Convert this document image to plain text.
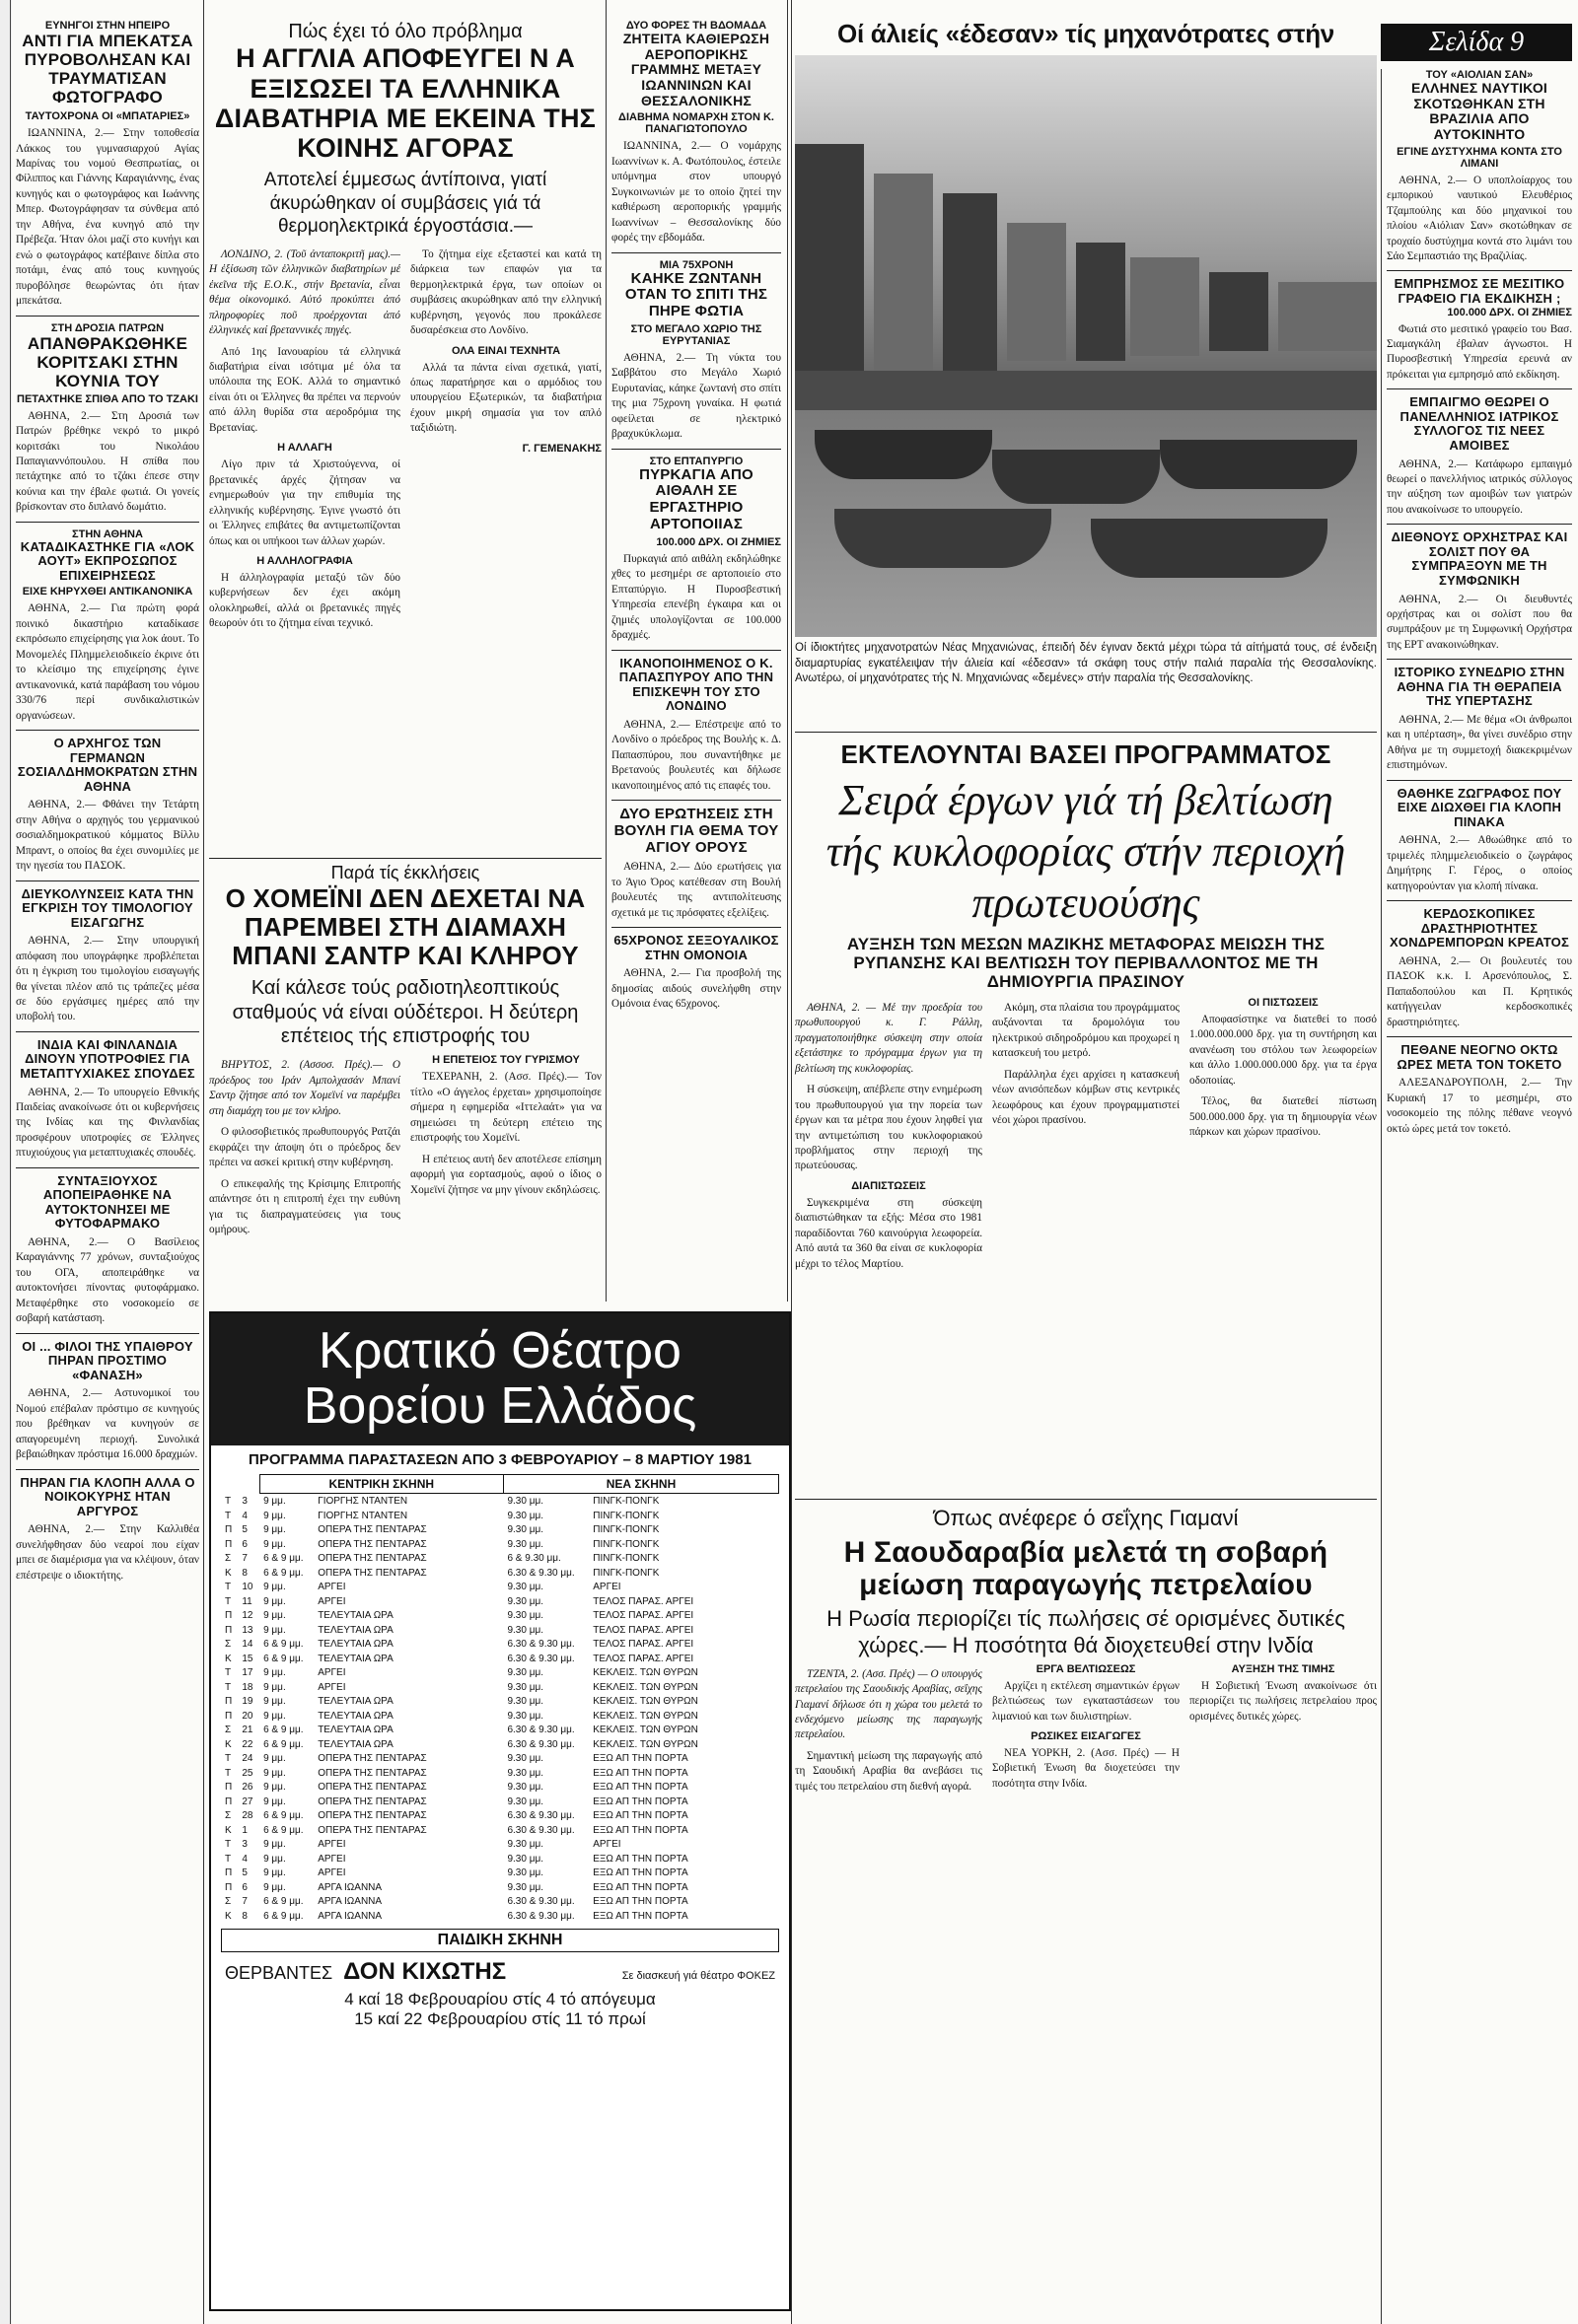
ΕΥΝΗΓΟΙ ΣΤΗΝ ΗΠΕΙΡΟ
ΑΝΤΙ ΓΙΑ ΜΠΕΚΑΤΣΑ ΠΥΡΟΒΟΛΗΣΑΝ ΚΑΙ ΤΡΑΥΜΑΤΙΣΑΝ ΦΩΤΟΓΡΑΦΟ
ΤΑΥΤΟΧΡΟΝΑ ΟΙ «ΜΠΑΤΑΡΙΕΣ»

ΙΩΑΝΝΙΝΑ, 2.— Στην τοποθεσία Λάκκος του γυμνασιαρχού Αγίας Μαρίνας του νομού Θεσπρωτίας, οι Φίλιππος και Γιάννης Καραγιάννης, ένας κυνηγός και ο φωτογράφος και Ιωάννης Μπερ. Φωτογράφησαν τα σύνθεμα από την Αθήνα, ένα κυνηγό από την Πρέβεζα. Ήταν όλοι μαζί στο κυνήγι και ενώ ο φωτογράφος κατέβαινε δίπλα στο ποτάμι, ένας από τους κυνηγούς πυροβόλησε θεωρώντας ότι ήταν μπεκάτσα.

ΣΤΗ ΔΡΟΣΙΑ ΠΑΤΡΩΝ
ΑΠΑΝΘΡΑΚΩΘΗΚΕ ΚΟΡΙΤΣΑΚΙ ΣΤΗΝ ΚΟΥΝΙΑ ΤΟΥ
ΠΕΤΑΧΤΗΚΕ ΣΠΙΘΑ ΑΠΟ ΤΟ ΤΖΑΚΙ

ΑΘΗΝΑ, 2.— Στη Δροσιά των Πατρών βρέθηκε νεκρό το μικρό κοριτσάκι του Νικολάου Παπαγιαννόπουλου. Η σπίθα που πετάχτηκε από το τζάκι έπεσε στην κούνια και την έβαλε φωτιά. Οι γονείς βρίσκονταν στο διπλανό δωμάτιο.

ΣΤΗΝ ΑΘΗΝΑ
ΚΑΤΑΔΙΚΑΣΤΗΚΕ ΓΙΑ «ΛΟΚ ΑΟΥΤ» ΕΚΠΡΟΣΩΠΟΣ ΕΠΙΧΕΙΡΗΣΕΩΣ
ΕΙΧΕ ΚΗΡΥΧΘΕΙ ΑΝΤΙΚΑΝΟΝΙΚΑ

ΑΘΗΝΑ, 2.— Για πρώτη φορά ποινικό δικαστήριο καταδίκασε εκπρόσωπο επιχείρησης για λοκ άουτ. Το Μονομελές Πλημμελειοδικείο έκρινε ότι το κλείσιμο της επιχείρησης έγινε αντικανονικά, κατά παράβαση του νόμου 330/76 περί συνδικαλιστικών οργανώσεων.

Ο ΑΡΧΗΓΟΣ ΤΩΝ ΓΕΡΜΑΝΩΝ ΣΟΣΙΑΛΔΗΜΟΚΡΑΤΩΝ ΣΤΗΝ ΑΘΗΝΑ

ΑΘΗΝΑ, 2.— Φθάνει την Τετάρτη στην Αθήνα ο αρχηγός του γερμανικού σοσιαλδημοκρατικού κόμματος Βίλλυ Μπραντ, ο οποίος θα έχει συνομιλίες με την ηγεσία του ΠΑΣΟΚ.

ΔΙΕΥΚΟΛΥΝΣΕΙΣ ΚΑΤΑ ΤΗΝ ΕΓΚΡΙΣΗ ΤΟΥ ΤΙΜΟΛΟΓΙΟΥ ΕΙΣΑΓΩΓΗΣ

ΑΘΗΝΑ, 2.— Στην υπουργική απόφαση που υπογράφηκε προβλέπεται ότι η έγκριση του τιμολογίου εισαγωγής θα γίνεται πλέον από τις τράπεζες μέσα σε δύο εργάσιμες ημέρες από την υποβολή του.

ΙΝΔΙΑ ΚΑΙ ΦΙΝΛΑΝΔΙΑ ΔΙΝΟΥΝ ΥΠΟΤΡΟΦΙΕΣ ΓΙΑ ΜΕΤΑΠΤΥΧΙΑΚΕΣ ΣΠΟΥΔΕΣ

ΑΘΗΝΑ, 2.— Το υπουργείο Εθνικής Παιδείας ανακοίνωσε ότι οι κυβερνήσεις της Ινδίας και της Φινλανδίας προσφέρουν υποτροφίες σε Έλληνες πτυχιούχους για μεταπτυχιακές σπουδές.

ΣΥΝΤΑΞΙΟΥΧΟΣ ΑΠΟΠΕΙΡΑΘΗΚΕ ΝΑ ΑΥΤΟΚΤΟΝΗΣΕΙ ΜΕ ΦΥΤΟΦΑΡΜΑΚΟ

ΑΘΗΝΑ, 2.— Ο Βασίλειος Καραγιάννης 77 χρόνων, συνταξιούχος του ΟΓΑ, αποπειράθηκε να αυτοκτονήσει πίνοντας φυτοφάρμακο. Μεταφέρθηκε στο νοσοκομείο σε σοβαρή κατάσταση.

ΟΙ ... ΦΙΛΟΙ ΤΗΣ ΥΠΑΙΘΡΟΥ ΠΗΡΑΝ ΠΡΟΣΤΙΜΟ «ΦΑΝΑΣΗ»

ΑΘΗΝΑ, 2.— Αστυνομικοί του Νομού επέβαλαν πρόστιμο σε κυνηγούς που βρέθηκαν να κυνηγούν σε απαγορευμένη περιοχή. Συνολικά βεβαιώθηκαν πρόστιμα 16.000 δραχμών.

ΠΗΡΑΝ ΓΙΑ ΚΛΟΠΗ ΑΛΛΑ Ο ΝΟΙΚΟΚΥΡΗΣ ΗΤΑΝ ΑΡΓΥΡΟΣ

ΑΘΗΝΑ, 2.— Στην Καλλιθέα συνελήφθησαν δύο νεαροί που είχαν μπει σε διαμέρισμα για να κλέψουν, όταν επέστρεψε ο ιδιοκτήτης.

Πώς έχει τό όλο πρόβλημα
Η ΑΓΓΛΙΑ ΑΠΟΦΕΥΓΕΙ Ν Α ΕΞΙΣΩΣΕΙ ΤΑ ΕΛΛΗΝΙΚΑ ΔΙΑΒΑΤΗΡΙΑ ΜΕ ΕΚΕΙΝΑ ΤΗΣ ΚΟΙΝΗΣ ΑΓΟΡΑΣ
Αποτελεί έμμεσως άντίποινα, γιατί άκυρώθηκαν οί συμβάσεις γιά τά θερμοηλεκτρικά έργοστάσια.—

ΛΟΝΔΙΝΟ, 2. (Τοῦ ἀνταποκριτῆ μας).— Η ἐξίσωση τῶν ἑλληνικῶν διαβατηρίων μέ ἐκεῖνα τῆς Ε.Ο.Κ., στήν Βρετανία, εἶναι θέμα οἰκονομικό. Αὐτό προκύπτει ἀπό πληροφορίες ποῦ προέρχονται ἀπό ἑλληνικές καί βρεταννικές πηγές.

Από 1ης Ιανουαρίου τά ελληνικά διαβατήρια είναι ισότιμα μέ όλα τα υπόλοιπα της ΕΟΚ. Αλλά το σημαντικό είναι ότι οι Έλληνες θα πρέπει να περνούν από άλλη θυρίδα στα αεροδρόμια της Βρετανίας.

Η ΑΛΛΑΓΗ

Λίγο πριν τά Χριστούγεννα, οί βρετανικές άρχές ζήτησαν να ενημερωθούν για την επιθυμία της ελληνικής κυβέρνησης. Έγινε γνωστό ότι οι Έλληνες επιβάτες θα αντιμετωπίζονται όπως και οι υπήκοοι των άλλων χωρών.

Η ΑΛΛΗΛΟΓΡΑΦΙΑ

Η άλληλογραφία μεταξύ τῶν δύο κυβερνήσεων δεν έχει ακόμη ολοκληρωθεί, αλλά οι βρετανικές πηγές θεωρούν ότι το ζήτημα είναι τεχνικό.

Το ζήτημα είχε εξεταστεί και κατά τη διάρκεια των επαφών για τα θερμοηλεκτρικά έργα, των οποίων οι συμβάσεις ακυρώθηκαν από την ελληνική κυβέρνηση, γεγονός που προκάλεσε δυσαρέσκεια στο Λονδίνο.

ΟΛΑ ΕΙΝΑΙ ΤΕΧΝΗΤΑ

Αλλά τα πάντα είναι σχετικά, γιατί, όπως παρατήρησε και ο αρμόδιος του υπουργείου Εξωτερικών, τα διαβατήρια έχουν μικρή σημασία για τον απλό ταξιδιώτη.

Γ. ΓΕΜΕΝΑΚΗΣ
Παρά τίς έκκλήσεις
Ο ΧΟΜΕΪΝΙ ΔΕΝ ΔΕΧΕΤΑΙ ΝΑ ΠΑΡΕΜΒΕΙ ΣΤΗ ΔΙΑΜΑΧΗ ΜΠΑΝΙ ΣΑΝΤΡ ΚΑΙ ΚΛΗΡΟΥ
Καί κάλεσε τούς ραδιοτηλεοπτικούς σταθμούς νά είναι ούδέτεροι. Η δεύτερη επέτειος τής επιστροφής του

ΒΗΡΥΤΟΣ, 2. (Ασσοσ. Πρές).— Ο πρόεδρος του Ιράν Αμπολχασάν Μπανί Σαντρ ζήτησε από τον Χομεϊνί να παρέμβει στη διαμάχη του με τον κλήρο.

Ο φιλοσοβιετικός πρωθυπουργός Ρατζάι εκφράζει την άποψη ότι ο πρόεδρος δεν πρέπει να ασκεί κριτική στην κυβέρνηση.

Ο επικεφαλής της Κρίσιμης Επιτροπής απάντησε ότι η επιτροπή έχει την ευθύνη για τις διαπραγματεύσεις για τους ομήρους.

Η ΕΠΕΤΕΙΟΣ ΤΟΥ ΓΥΡΙΣΜΟΥ

ΤΕΧΕΡΑΝΗ, 2. (Ασσ. Πρές).— Τον τίτλο «Ο άγγελος έρχεται» χρησιμοποίησε σήμερα η εφημερίδα «Ιττελαάτ» για να σημειώσει τη δεύτερη επέτειο της επιστροφής του Χομεϊνί.

Η επέτειος αυτή δεν αποτέλεσε επίσημη αφορμή για εορτασμούς, αφού ο ίδιος ο Χομεϊνί ζήτησε να μην γίνουν εκδηλώσεις.

ΔΥΟ ΦΟΡΕΣ ΤΗ ΒΔΟΜΑΔΑ
ΖΗΤΕΙΤΑ ΚΑΘΙΕΡΩΣΗ ΑΕΡΟΠΟΡΙΚΗΣ ΓΡΑΜΜΗΣ ΜΕΤΑΞΥ ΙΩΑΝΝΙΝΩΝ ΚΑΙ ΘΕΣΣΑΛΟΝΙΚΗΣ
ΔΙΑΒΗΜΑ ΝΟΜΑΡΧΗ ΣΤΟΝ Κ. ΠΑΝΑΓΙΩΤΟΠΟΥΛΟ

ΙΩΑΝΝΙΝΑ, 2.— Ο νομάρχης Ιωαννίνων κ. Α. Φωτόπουλος, έστειλε υπόμνημα στον υπουργό Συγκοινωνιών με το οποίο ζητεί την καθιέρωση αεροπορικής γραμμής Ιωαννίνων – Θεσσαλονίκης δύο φορές την εβδομάδα.

ΜΙΑ 75ΧΡΟΝΗ
ΚΑΗΚΕ ΖΩΝΤΑΝΗ ΟΤΑΝ ΤΟ ΣΠΙΤΙ ΤΗΣ ΠΗΡΕ ΦΩΤΙΑ
ΣΤΟ ΜΕΓΑΛΟ ΧΩΡΙΟ ΤΗΣ ΕΥΡΥΤΑΝΙΑΣ

ΑΘΗΝΑ, 2.— Τη νύκτα του Σαββάτου στο Μεγάλο Χωριό Ευρυτανίας, κάηκε ζωντανή στο σπίτι της μια 75χρονη γυναίκα. Η φωτιά οφείλεται σε ηλεκτρικό βραχυκύκλωμα.

ΣΤΟ ΕΠΤΑΠΥΡΓΙΟ
ΠΥΡΚΑΓΙΑ ΑΠΟ ΑΙΘΑΛΗ ΣΕ ΕΡΓΑΣΤΗΡΙΟ ΑΡΤΟΠΟΙΙΑΣ
100.000 ΔΡΧ. ΟΙ ΖΗΜΙΕΣ

Πυρκαγιά από αιθάλη εκδηλώθηκε χθες το μεσημέρι σε αρτοποιείο στο Επταπύργιο. Η Πυροσβεστική Υπηρεσία επενέβη έγκαιρα και οι ζημιές υπολογίζονται σε 100.000 δραχμές.

ΙΚΑΝΟΠΟΙΗΜΕΝΟΣ Ο Κ. ΠΑΠΑΣΠΥΡΟΥ ΑΠΟ ΤΗΝ ΕΠΙΣΚΕΨΗ ΤΟΥ ΣΤΟ ΛΟΝΔΙΝΟ

ΑΘΗΝΑ, 2.— Επέστρεψε από το Λονδίνο ο πρόεδρος της Βουλής κ. Δ. Παπασπύρου, που συναντήθηκε με Βρετανούς βουλευτές και δήλωσε ικανοποιημένος από τις επαφές του.

ΔΥΟ ΕΡΩΤΗΣΕΙΣ ΣΤΗ ΒΟΥΛΗ ΓΙΑ ΘΕΜΑ ΤΟΥ ΑΓΙΟΥ ΟΡΟΥΣ

ΑΘΗΝΑ, 2.— Δύο ερωτήσεις για το Άγιο Όρος κατέθεσαν στη Βουλή βουλευτές της αντιπολίτευσης σχετικά με τις πρόσφατες εξελίξεις.

65ΧΡΟΝΟΣ ΣΕΞΟΥΑΛΙΚΟΣ ΣΤΗΝ ΟΜΟΝΟΙΑ

ΑΘΗΝΑ, 2.— Για προσβολή της δημοσίας αιδούς συνελήφθη στην Ομόνοια ένας 65χρονος.

Οί άλιείς «έδεσαν» τίς μηχανότρατες στήν
Οί ίδιοκτήτες μηχανοτρατών Νέας Μηχανιώνας, έπειδή δέν έγιναν δεκτά μέχρι τώρα τά αίτήματά τους, σέ ένδειξη διαμαρτυρίας εγκατέλειψαν τήν άλιεία καί «έδεσαν» τά σκάφη τους στήν παλιά παραλία τής Θεσσαλονίκης. Ανωτέρω, οί μηχανότρατες τής Ν. Μηχανιώνας «δεμένες» στήν παραλία τής Θεσσαλονίκης.
ΕΚΤΕΛΟΥΝΤΑΙ ΒΑΣΕΙ ΠΡΟΓΡΑΜΜΑΤΟΣ
Σειρά έργων γιά τή βελτίωση τής κυκλοφορίας στήν περιοχή πρωτευούσης
ΑΥΞΗΣΗ ΤΩΝ ΜΕΣΩΝ ΜΑΖΙΚΗΣ ΜΕΤΑΦΟΡΑΣ ΜΕΙΩΣΗ ΤΗΣ ΡΥΠΑΝΣΗΣ ΚΑΙ ΒΕΛΤΙΩΣΗ ΤΟΥ ΠΕΡΙΒΑΛΛΟΝΤΟΣ ΜΕ ΤΗ ΔΗΜΙΟΥΡΓΙΑ ΠΡΑΣΙΝΟΥ

ΑΘΗΝΑ, 2. — Μέ την προεδρία του πρωθυπουργού κ. Γ. Ράλλη, πραγματοποιήθηκε σύσκεψη στην οποία εξετάστηκε το πρόγραμμα έργων για τη βελτίωση της κυκλοφορίας.

Η σύσκεψη, απέβλεπε στην ενημέρωση του πρωθυπουργού για την πορεία των έργων και τα μέτρα που έχουν ληφθεί για την αντιμετώπιση του κυκλοφοριακού προβλήματος στην περιοχή της πρωτεύουσας.

ΔΙΑΠΙΣΤΩΣΕΙΣ

Συγκεκριμένα στη σύσκεψη διαπιστώθηκαν τα εξής: Μέσα στο 1981 παραδίδονται 760 καινούργια λεωφορεία. Από αυτά τα 360 θα είναι σε κυκλοφορία μέχρι το τέλος Μαρτίου.

Ακόμη, στα πλαίσια του προγράμματος αυξάνονται τα δρομολόγια του ηλεκτρικού σιδηροδρόμου και προχωρεί η κατασκευή του μετρό.

Παράλληλα έχει αρχίσει η κατασκευή νέων ανισόπεδων κόμβων στις κεντρικές λεωφόρους και έχουν προγραμματιστεί νέοι χώροι πρασίνου.

ΟΙ ΠΙΣΤΩΣΕΙΣ

Αποφασίστηκε να διατεθεί το ποσό 1.000.000.000 δρχ. για τη συντήρηση και ανανέωση του στόλου των λεωφορείων και άλλο 1.000.000.000 δρχ. για τα έργα οδοποιίας.

Τέλος, θα διατεθεί πίστωση 500.000.000 δρχ. για τη δημιουργία νέων πάρκων και χώρων πρασίνου.

Όπως ανέφερε ό σεΐχης Γιαμανί
Η Σαουδαραβία μελετά τη σοβαρή μείωση παραγωγής πετρελαίου
Η Ρωσία περιορίζει τίς πωλήσεις σέ ορισμένες δυτικές χώρες.— Η ποσότητα θά διοχετευθεί στην Ινδία

ΤΖΕΝΤΑ, 2. (Ασσ. Πρές) — Ο υπουργός πετρελαίου της Σαουδικής Αραβίας, σεΐχης Γιαμανί δήλωσε ότι η χώρα του μελετά το ενδεχόμενο μείωσης της παραγωγής πετρελαίου.

Σημαντική μείωση της παραγωγής από τη Σαουδική Αραβία θα ανεβάσει τις τιμές του πετρελαίου στη διεθνή αγορά.

ΕΡΓΑ ΒΕΛΤΙΩΣΕΩΣ

Αρχίζει η εκτέλεση σημαντικών έργων βελτιώσεως των εγκαταστάσεων του λιμανιού και των διυλιστηρίων.

ΡΩΣΙΚΕΣ ΕΙΣΑΓΩΓΕΣ

ΝΕΑ ΥΟΡΚΗ, 2. (Ασσ. Πρές) — Η Σοβιετική Ένωση θα διοχετεύσει την ποσότητα στην Ινδία.

ΑΥΞΗΣΗ ΤΗΣ ΤΙΜΗΣ

Η Σοβιετική Ένωση ανακοίνωσε ότι περιορίζει τις πωλήσεις πετρελαίου προς ορισμένες δυτικές χώρες.

Κρατικό Θέατρο
Βορείου Ελλάδος
ΠΡΟΓΡΑΜΜΑ ΠΑΡΑΣΤΑΣΕΩΝ ΑΠΟ 3 ΦΕΒΡΟΥΑΡΙΟΥ – 8 ΜΑΡΤΙΟΥ 1981
		ΚΕΝΤΡΙΚΗ ΣΚΗΝΗ		ΝΕΑ ΣΚΗΝΗ	
Τ	3	9 μμ.	ΓΙΟΡΓΗΣ ΝΤΑΝΤΕΝ	9.30 μμ.	ΠΙΝΓΚ-ΠΟΝΓΚ
Τ	4	9 μμ.	ΓΙΟΡΓΗΣ ΝΤΑΝΤΕΝ	9.30 μμ.	ΠΙΝΓΚ-ΠΟΝΓΚ
Π	5	9 μμ.	ΟΠΕΡΑ ΤΗΣ ΠΕΝΤΑΡΑΣ	9.30 μμ.	ΠΙΝΓΚ-ΠΟΝΓΚ
Π	6	9 μμ.	ΟΠΕΡΑ ΤΗΣ ΠΕΝΤΑΡΑΣ	9.30 μμ.	ΠΙΝΓΚ-ΠΟΝΓΚ
Σ	7	6 & 9 μμ.	ΟΠΕΡΑ ΤΗΣ ΠΕΝΤΑΡΑΣ	6 & 9.30 μμ.	ΠΙΝΓΚ-ΠΟΝΓΚ
Κ	8	6 & 9 μμ.	ΟΠΕΡΑ ΤΗΣ ΠΕΝΤΑΡΑΣ	6.30 & 9.30 μμ.	ΠΙΝΓΚ-ΠΟΝΓΚ
Τ	10	9 μμ.	ΑΡΓΕΙ	9.30 μμ.	ΑΡΓΕΙ
Τ	11	9 μμ.	ΑΡΓΕΙ	9.30 μμ.	ΤΕΛΟΣ ΠΑΡΑΣ. ΑΡΓΕΙ
Π	12	9 μμ.	ΤΕΛΕΥΤΑΙΑ ΩΡΑ	9.30 μμ.	ΤΕΛΟΣ ΠΑΡΑΣ. ΑΡΓΕΙ
Π	13	9 μμ.	ΤΕΛΕΥΤΑΙΑ ΩΡΑ	9.30 μμ.	ΤΕΛΟΣ ΠΑΡΑΣ. ΑΡΓΕΙ
Σ	14	6 & 9 μμ.	ΤΕΛΕΥΤΑΙΑ ΩΡΑ	6.30 & 9.30 μμ.	ΤΕΛΟΣ ΠΑΡΑΣ. ΑΡΓΕΙ
Κ	15	6 & 9 μμ.	ΤΕΛΕΥΤΑΙΑ ΩΡΑ	6.30 & 9.30 μμ.	ΤΕΛΟΣ ΠΑΡΑΣ. ΑΡΓΕΙ
Τ	17	9 μμ.	ΑΡΓΕΙ	9.30 μμ.	ΚΕΚΛΕΙΣ. ΤΩΝ ΘΥΡΩΝ
Τ	18	9 μμ.	ΑΡΓΕΙ	9.30 μμ.	ΚΕΚΛΕΙΣ. ΤΩΝ ΘΥΡΩΝ
Π	19	9 μμ.	ΤΕΛΕΥΤΑΙΑ ΩΡΑ	9.30 μμ.	ΚΕΚΛΕΙΣ. ΤΩΝ ΘΥΡΩΝ
Π	20	9 μμ.	ΤΕΛΕΥΤΑΙΑ ΩΡΑ	9.30 μμ.	ΚΕΚΛΕΙΣ. ΤΩΝ ΘΥΡΩΝ
Σ	21	6 & 9 μμ.	ΤΕΛΕΥΤΑΙΑ ΩΡΑ	6.30 & 9.30 μμ.	ΚΕΚΛΕΙΣ. ΤΩΝ ΘΥΡΩΝ
Κ	22	6 & 9 μμ.	ΤΕΛΕΥΤΑΙΑ ΩΡΑ	6.30 & 9.30 μμ.	ΚΕΚΛΕΙΣ. ΤΩΝ ΘΥΡΩΝ
Τ	24	9 μμ.	ΟΠΕΡΑ ΤΗΣ ΠΕΝΤΑΡΑΣ	9.30 μμ.	ΕΞΩ ΑΠ ΤΗΝ ΠΟΡΤΑ
Τ	25	9 μμ.	ΟΠΕΡΑ ΤΗΣ ΠΕΝΤΑΡΑΣ	9.30 μμ.	ΕΞΩ ΑΠ ΤΗΝ ΠΟΡΤΑ
Π	26	9 μμ.	ΟΠΕΡΑ ΤΗΣ ΠΕΝΤΑΡΑΣ	9.30 μμ.	ΕΞΩ ΑΠ ΤΗΝ ΠΟΡΤΑ
Π	27	9 μμ.	ΟΠΕΡΑ ΤΗΣ ΠΕΝΤΑΡΑΣ	9.30 μμ.	ΕΞΩ ΑΠ ΤΗΝ ΠΟΡΤΑ
Σ	28	6 & 9 μμ.	ΟΠΕΡΑ ΤΗΣ ΠΕΝΤΑΡΑΣ	6.30 & 9.30 μμ.	ΕΞΩ ΑΠ ΤΗΝ ΠΟΡΤΑ
Κ	1	6 & 9 μμ.	ΟΠΕΡΑ ΤΗΣ ΠΕΝΤΑΡΑΣ	6.30 & 9.30 μμ.	ΕΞΩ ΑΠ ΤΗΝ ΠΟΡΤΑ
Τ	3	9 μμ.	ΑΡΓΕΙ	9.30 μμ.	ΑΡΓΕΙ
Τ	4	9 μμ.	ΑΡΓΕΙ	9.30 μμ.	ΕΞΩ ΑΠ ΤΗΝ ΠΟΡΤΑ
Π	5	9 μμ.	ΑΡΓΕΙ	9.30 μμ.	ΕΞΩ ΑΠ ΤΗΝ ΠΟΡΤΑ
Π	6	9 μμ.	ΑΡΓΑ ΙΩΑΝΝΑ	9.30 μμ.	ΕΞΩ ΑΠ ΤΗΝ ΠΟΡΤΑ
Σ	7	6 & 9 μμ.	ΑΡΓΑ ΙΩΑΝΝΑ	6.30 & 9.30 μμ.	ΕΞΩ ΑΠ ΤΗΝ ΠΟΡΤΑ
Κ	8	6 & 9 μμ.	ΑΡΓΑ ΙΩΑΝΝΑ	6.30 & 9.30 μμ.	ΕΞΩ ΑΠ ΤΗΝ ΠΟΡΤΑ
ΠΑΙΔΙΚΗ ΣΚΗΝΗ
ΘΕΡΒΑΝΤΕΣ ΔΟΝ ΚΙΧΩΤΗΣ	Σε διασκευή γιά θέατρο ΦΟΚΕΖ
4 καί 18 Φεβρουαρίου στίς 4 τό απόγευμα
15 καί 22 Φεβρουαρίου στίς 11 τό πρωί
Σελίδα 9
ΤΟΥ «ΑΙΟΛΙΑΝ ΣΑΝ»
ΕΛΛΗΝΕΣ ΝΑΥΤΙΚΟΙ ΣΚΟΤΩΘΗΚΑΝ ΣΤΗ ΒΡΑΖΙΛΙΑ ΑΠΟ ΑΥΤΟΚΙΝΗΤΟ
ΕΓΙΝΕ ΔΥΣΤΥΧΗΜΑ ΚΟΝΤΑ ΣΤΟ ΛΙΜΑΝΙ

ΑΘΗΝΑ, 2.— Ο υποπλοίαρχος του εμπορικού ναυτικού Ελευθέριος Τζαμπούλης και δύο μηχανικοί του πλοίου «Αιόλιαν Σαν» σκοτώθηκαν σε τροχαίο δυστύχημα κοντά στο λιμάνι του Σάο Σεμπαστιάο της Βραζιλίας.

ΕΜΠΡΗΣΜΟΣ ΣΕ ΜΕΣΙΤΙΚΟ ΓΡΑΦΕΙΟ ΓΙΑ ΕΚΔΙΚΗΣΗ ;
100.000 ΔΡΧ. ΟΙ ΖΗΜΙΕΣ

Φωτιά στο μεσιτικό γραφείο του Βασ. Σιαμαγκάλη έβαλαν άγνωστοι. Η Πυροσβεστική Υπηρεσία ερευνά αν πρόκειται για εμπρησμό από εκδίκηση.

ΕΜΠΑΙΓΜΟ ΘΕΩΡΕΙ Ο ΠΑΝΕΛΛΗΝΙΟΣ ΙΑΤΡΙΚΟΣ ΣΥΛΛΟΓΟΣ ΤΙΣ ΝΕΕΣ ΑΜΟΙΒΕΣ

ΑΘΗΝΑ, 2.— Κατάφωρο εμπαιγμό θεωρεί ο πανελλήνιος ιατρικός σύλλογος την αύξηση των αμοιβών των γιατρών που ανακοίνωσε το υπουργείο.

ΔΙΕΘΝΟΥΣ ΟΡΧΗΣΤΡΑΣ ΚΑΙ ΣΟΛΙΣΤ ΠΟΥ ΘΑ ΣΥΜΠΡΑΞΟΥΝ ΜΕ ΤΗ ΣΥΜΦΩΝΙΚΗ

ΑΘΗΝΑ, 2.— Οι διευθυντές ορχήστρας και οι σολίστ που θα συμπράξουν με τη Συμφωνική Ορχήστρα της ΕΡΤ ανακοινώθηκαν.

ΙΣΤΟΡΙΚΟ ΣΥΝΕΔΡΙΟ ΣΤΗΝ ΑΘΗΝΑ ΓΙΑ ΤΗ ΘΕΡΑΠΕΙΑ ΤΗΣ ΥΠΕΡΤΑΣΗΣ

ΑΘΗΝΑ, 2.— Με θέμα «Οι άνθρωποι και η υπέρταση», θα γίνει συνέδριο στην Αθήνα με τη συμμετοχή διακεκριμένων επιστημόνων.

ΘΑΘΗΚΕ ΖΩΓΡΑΦΟΣ ΠΟΥ ΕΙΧΕ ΔΙΩΧΘΕΙ ΓΙΑ ΚΛΟΠΗ ΠΙΝΑΚΑ

ΑΘΗΝΑ, 2.— Αθωώθηκε από το τριμελές πλημμελειοδικείο ο ζωγράφος Δημήτρης Γ. Γέρος, ο οποίος κατηγορούνταν για κλοπή πίνακα.

ΚΕΡΔΟΣΚΟΠΙΚΕΣ ΔΡΑΣΤΗΡΙΟΤΗΤΕΣ ΧΟΝΔΡΕΜΠΟΡΩΝ ΚΡΕΑΤΟΣ

ΑΘΗΝΑ, 2.— Οι βουλευτές του ΠΑΣΟΚ κ.κ. Ι. Αρσενόπουλος, Σ. Παπαδοπούλου και Π. Κρητικός κατήγγειλαν κερδοσκοπικές δραστηριότητες.

ΠΕΘΑΝΕ ΝΕΟΓΝΟ ΟΚΤΩ ΩΡΕΣ ΜΕΤΑ ΤΟΝ ΤΟΚΕΤΟ

ΑΛΕΞΑΝΔΡΟΥΠΟΛΗ, 2.— Την Κυριακή 17 το μεσημέρι, στο νοσοκομείο της πόλης πέθανε νεογνό οκτώ ώρες μετά τον τοκετό.
